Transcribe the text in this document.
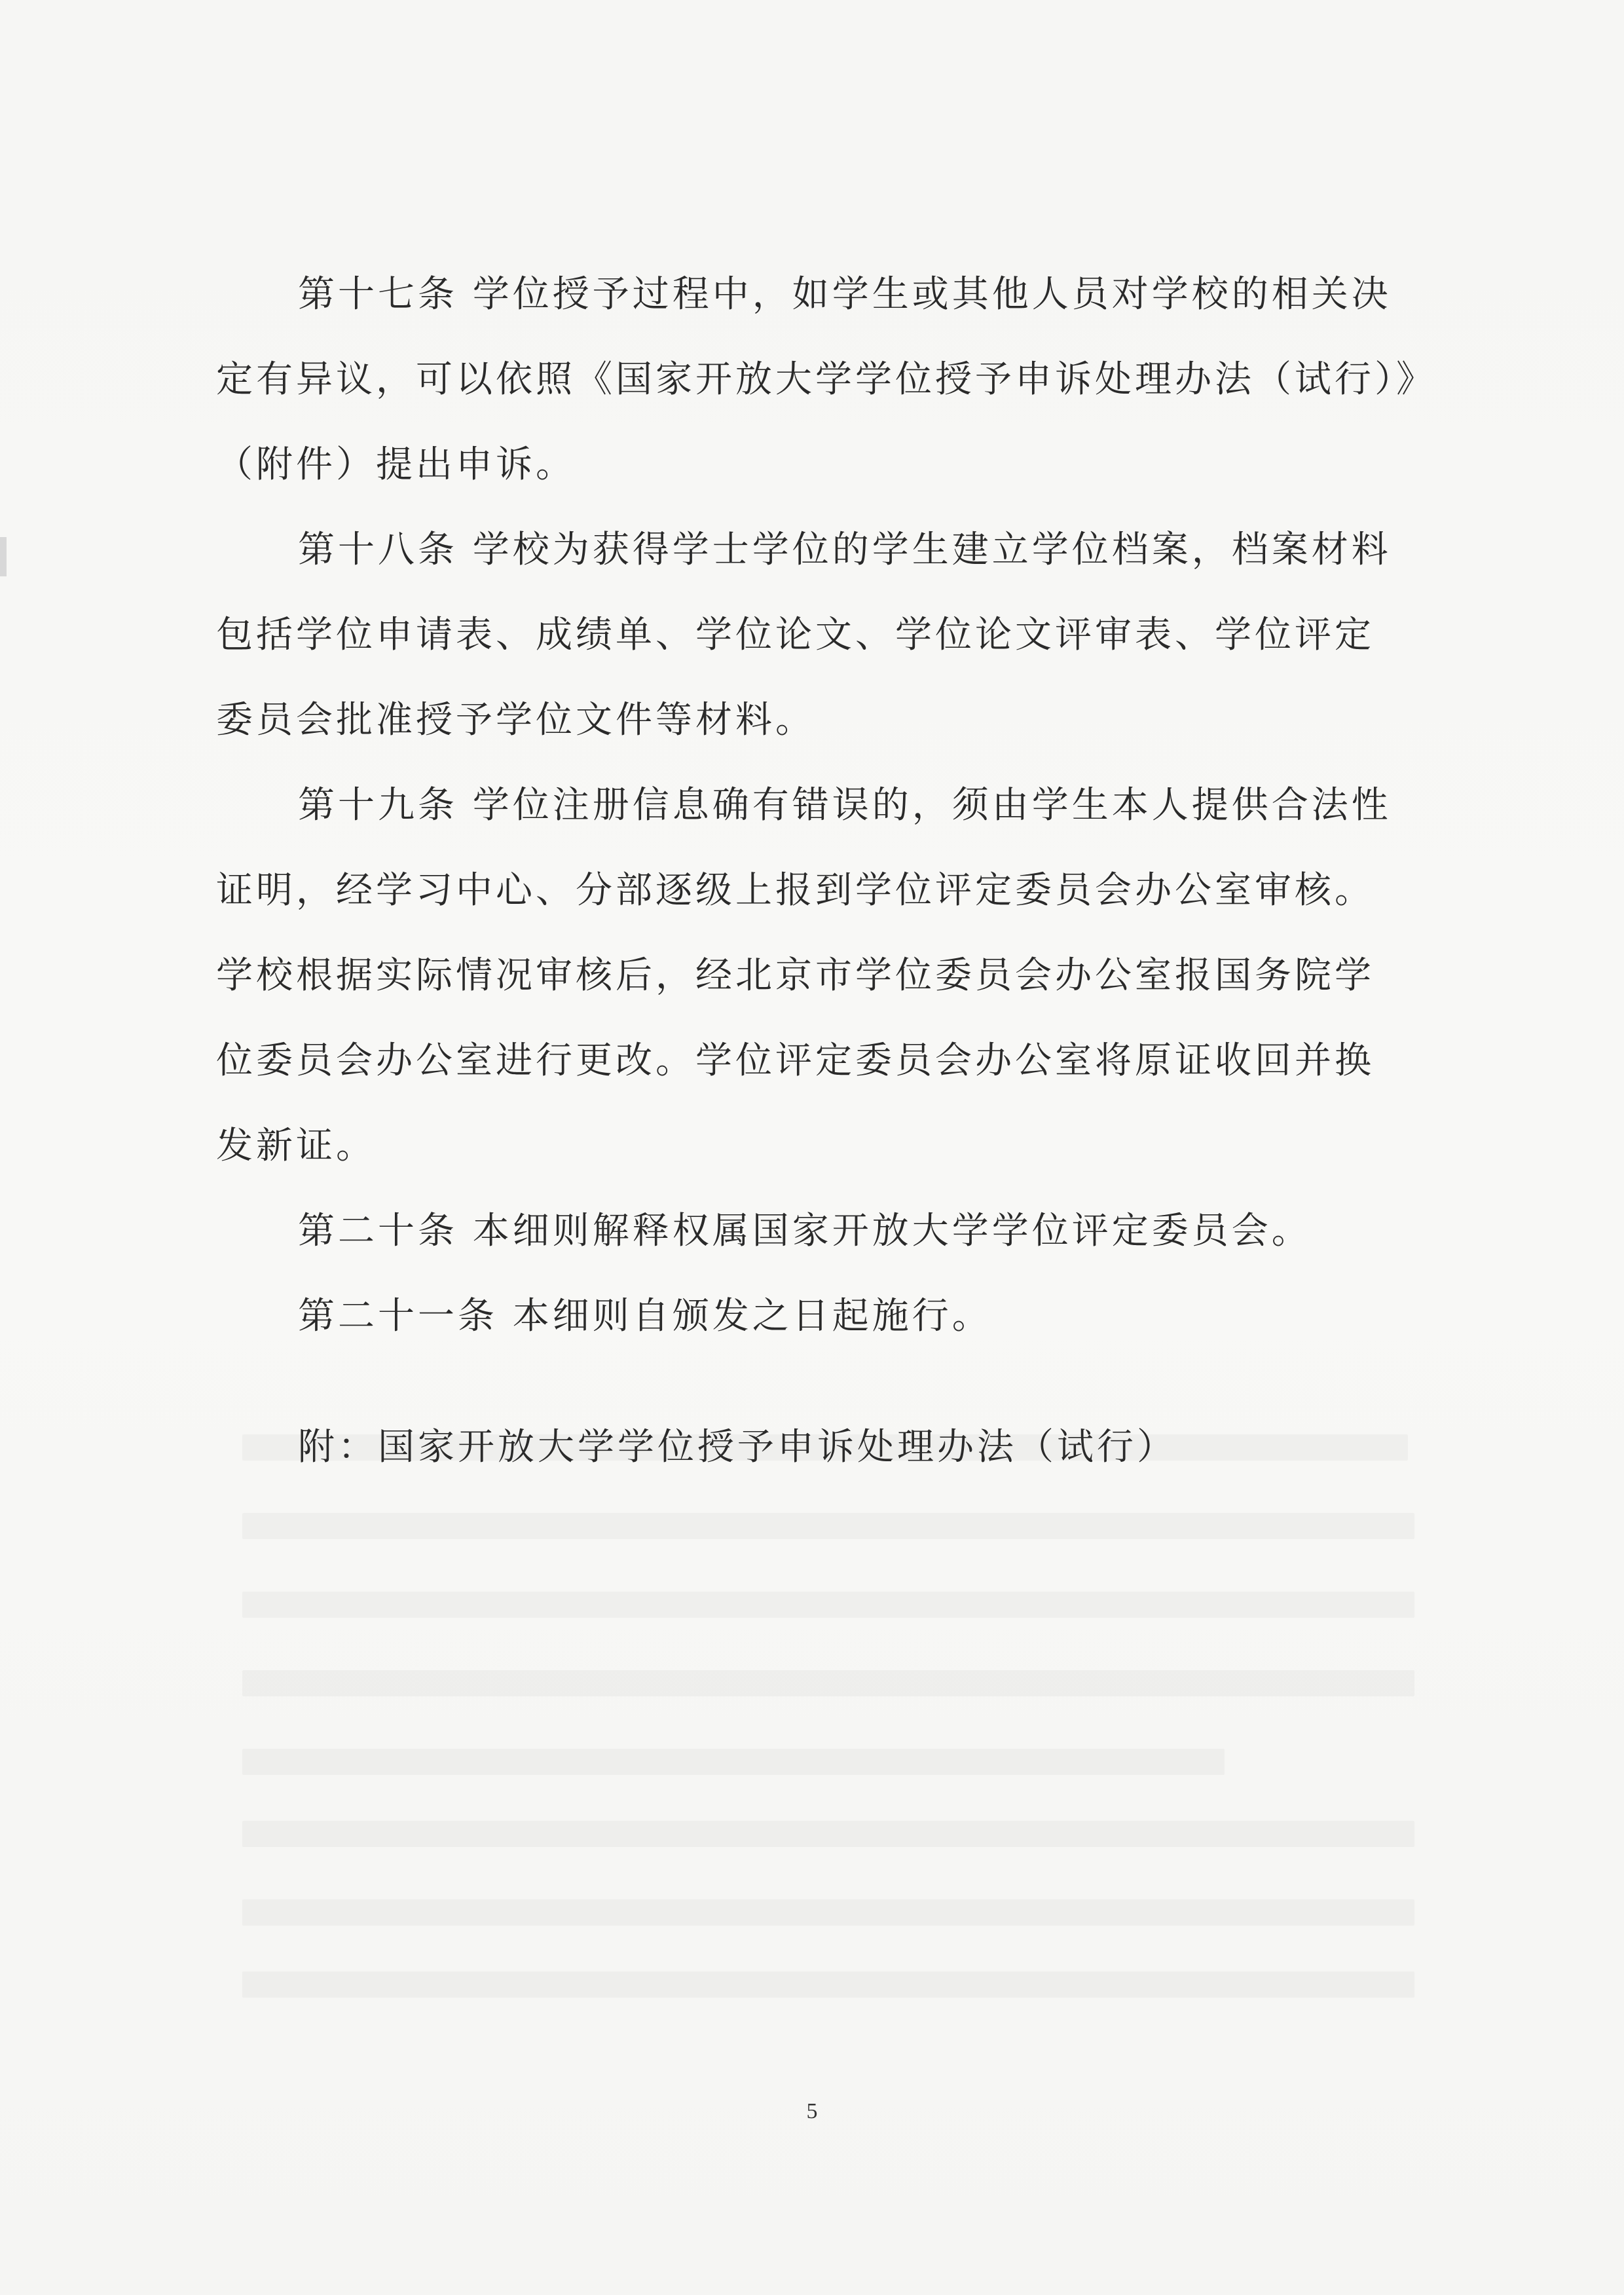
第十七条 学位授予过程中，如学生或其他人员对学校的相关决
定有异议，可以依照《国家开放大学学位授予申诉处理办法（试行）》
（附件）提出申诉。

第十八条 学校为获得学士学位的学生建立学位档案，档案材料
包括学位申请表、成绩单、学位论文、学位论文评审表、学位评定
委员会批准授予学位文件等材料。

第十九条 学位注册信息确有错误的，须由学生本人提供合法性
证明，经学习中心、分部逐级上报到学位评定委员会办公室审核。
学校根据实际情况审核后，经北京市学位委员会办公室报国务院学
位委员会办公室进行更改。学位评定委员会办公室将原证收回并换
发新证。

第二十条 本细则解释权属国家开放大学学位评定委员会。

第二十一条 本细则自颁发之日起施行。

附：国家开放大学学位授予申诉处理办法（试行）

5
